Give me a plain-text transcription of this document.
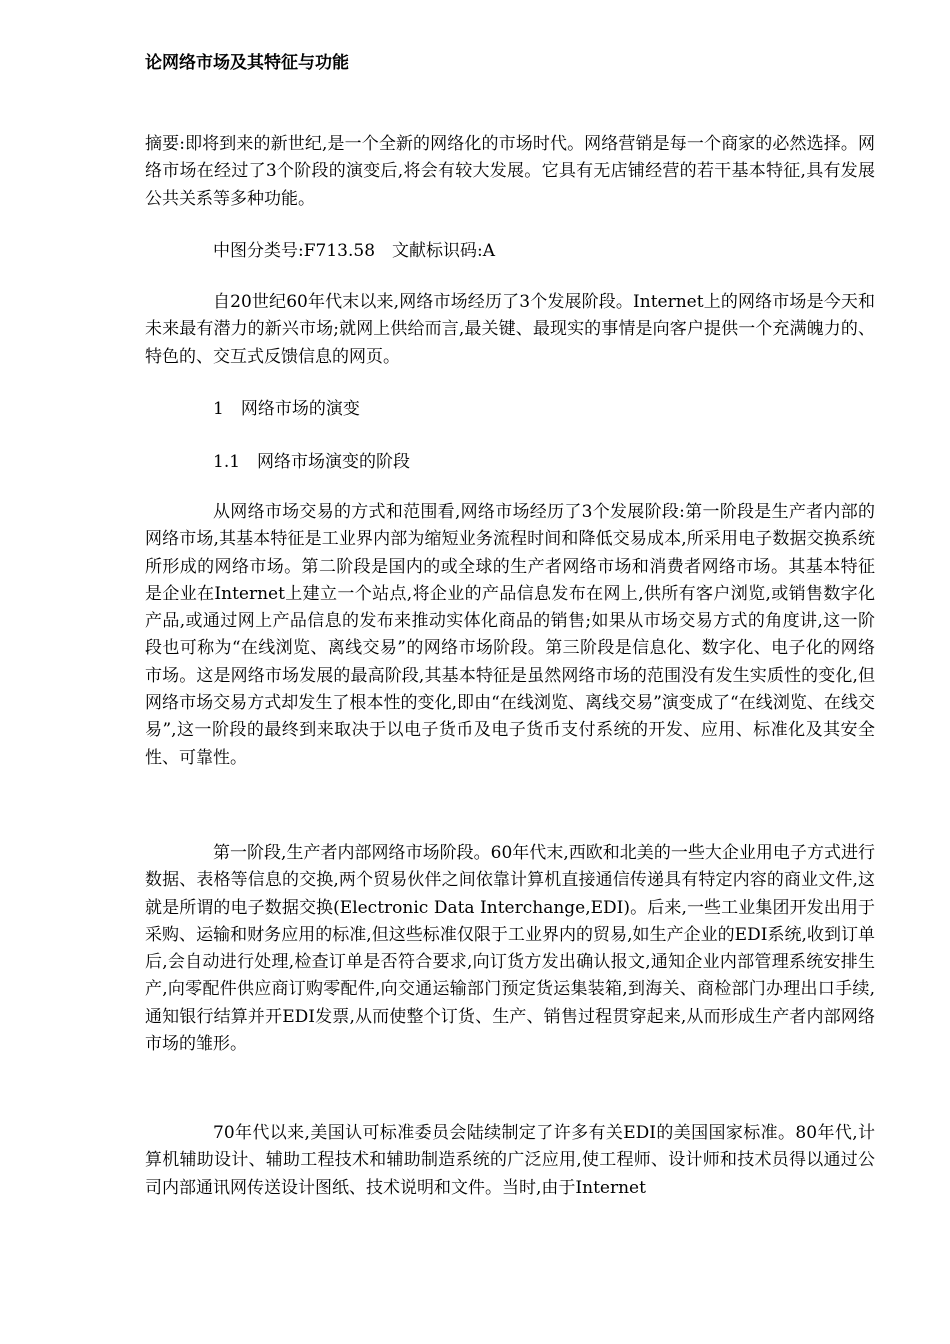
论网络市场及其特征与功能

摘要:即将到来的新世纪,是一个全新的网络化的市场时代。网络营销是每一个商家的必然选择。网络市场在经过了3个阶段的演变后,将会有较大发展。它具有无店铺经营的若干基本特征,具有发展公共关系等多种功能。

中图分类号:F713.58　文献标识码:A

自20世纪60年代末以来,网络市场经历了3个发展阶段。Internet上的网络市场是今天和未来最有潜力的新兴市场;就网上供给而言,最关键、最现实的事情是向客户提供一个充满魄力的、特色的、交互式反馈信息的网页。

1　网络市场的演变

1.1　网络市场演变的阶段

从网络市场交易的方式和范围看,网络市场经历了3个发展阶段:第一阶段是生产者内部的网络市场,其基本特征是工业界内部为缩短业务流程时间和降低交易成本,所采用电子数据交换系统所形成的网络市场。第二阶段是国内的或全球的生产者网络市场和消费者网络市场。其基本特征是企业在Internet上建立一个站点,将企业的产品信息发布在网上,供所有客户浏览,或销售数字化产品,或通过网上产品信息的发布来推动实体化商品的销售;如果从市场交易方式的角度讲,这一阶段也可称为“在线浏览、离线交易”的网络市场阶段。第三阶段是信息化、数字化、电子化的网络市场。这是网络市场发展的最高阶段,其基本特征是虽然网络市场的范围没有发生实质性的变化,但网络市场交易方式却发生了根本性的变化,即由“在线浏览、离线交易”演变成了“在线浏览、在线交易”,这一阶段的最终到来取决于以电子货币及电子货币支付系统的开发、应用、标准化及其安全性、可靠性。

第一阶段,生产者内部网络市场阶段。60年代末,西欧和北美的一些大企业用电子方式进行数据、表格等信息的交换,两个贸易伙伴之间依靠计算机直接通信传递具有特定内容的商业文件,这就是所谓的电子数据交换(Electronic Data Interchange,EDI)。后来,一些工业集团开发出用于采购、运输和财务应用的标准,但这些标准仅限于工业界内的贸易,如生产企业的EDI系统,收到订单后,会自动进行处理,检查订单是否符合要求,向订货方发出确认报文,通知企业内部管理系统安排生产,向零配件供应商订购零配件,向交通运输部门预定货运集装箱,到海关、商检部门办理出口手续,通知银行结算并开EDI发票,从而使整个订货、生产、销售过程贯穿起来,从而形成生产者内部网络市场的雏形。

70年代以来,美国认可标准委员会陆续制定了许多有关EDI的美国国家标准。80年代,计算机辅助设计、辅助工程技术和辅助制造系统的广泛应用,使工程师、设计师和技术员得以通过公司内部通讯网传送设计图纸、技术说明和文件。当时,由于Internet
